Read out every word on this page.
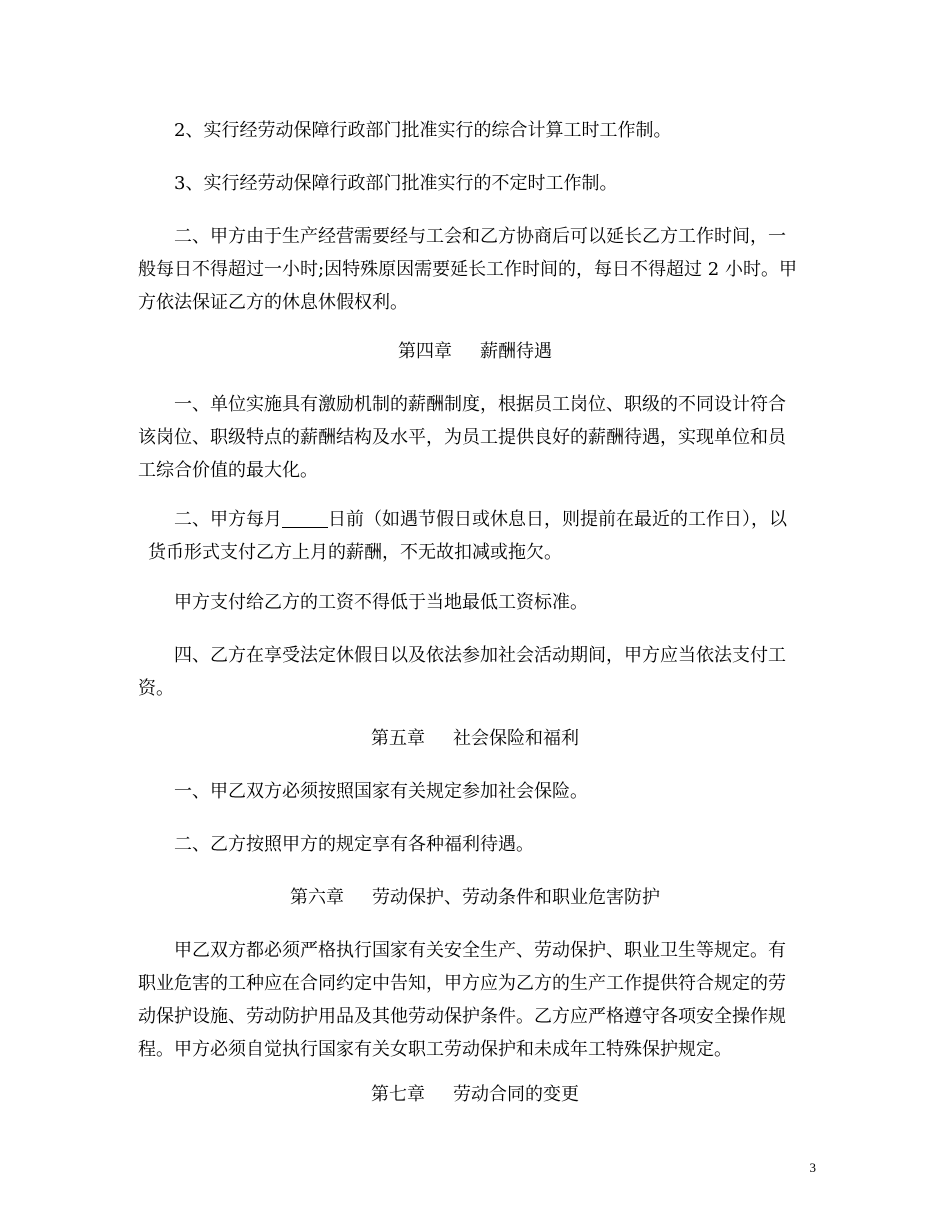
2、实行经劳动保障行政部门批准实行的综合计算工时工作制。

3、实行经劳动保障行政部门批准实行的不定时工作制。

二、甲方由于生产经营需要经与工会和乙方协商后可以延长乙方工作时间，一
般每日不得超过一小时;因特殊原因需要延长工作时间的，每日不得超过 2 小时。甲
方依法保证乙方的休息休假权利。

第四章 薪酬待遇

一、单位实施具有激励机制的薪酬制度，根据员工岗位、职级的不同设计符合
该岗位、职级特点的薪酬结构及水平，为员工提供良好的薪酬待遇，实现单位和员
工综合价值的最大化。
二、甲方每月	日前（如遇节假日或休息日，则提前在最近的工作日），以
货币形式支付乙方上月的薪酬，不无故扣减或拖欠。

甲方支付给乙方的工资不得低于当地最低工资标准。

四、乙方在享受法定休假日以及依法参加社会活动期间，甲方应当依法支付工
资。

第五章 社会保险和福利

一、甲乙双方必须按照国家有关规定参加社会保险。

二、乙方按照甲方的规定享有各种福利待遇。

第六章 劳动保护、劳动条件和职业危害防护

甲乙双方都必须严格执行国家有关安全生产、劳动保护、职业卫生等规定。有
职业危害的工种应在合同约定中告知，甲方应为乙方的生产工作提供符合规定的劳
动保护设施、劳动防护用品及其他劳动保护条件。乙方应严格遵守各项安全操作规
程。甲方必须自觉执行国家有关女职工劳动保护和未成年工特殊保护规定。

第七章 劳动合同的变更

3
